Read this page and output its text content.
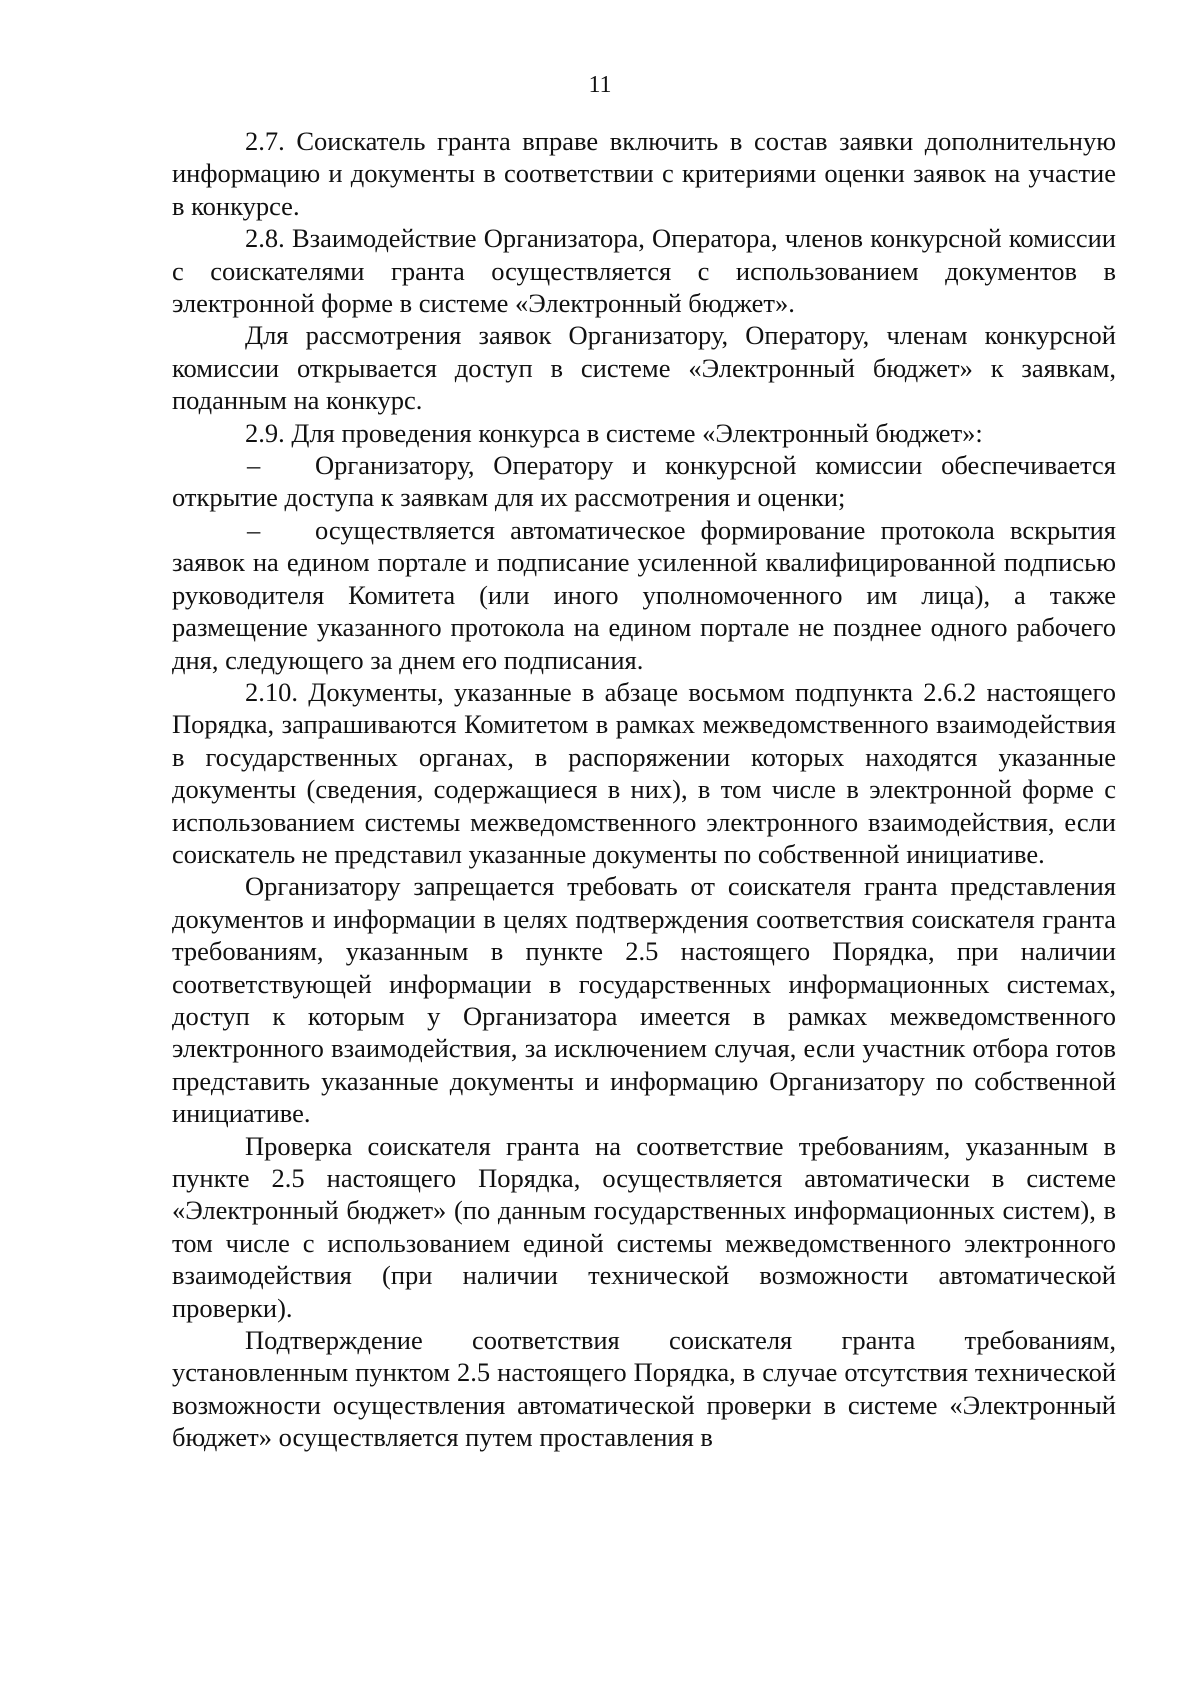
11

2.7. Соискатель гранта вправе включить в состав заявки дополнительную информацию и документы в соответствии с критериями оценки заявок на участие в конкурсе.

2.8. Взаимодействие Организатора, Оператора, членов конкурсной комиссии с соискателями гранта осуществляется с использованием документов в электронной форме в системе «Электронный бюджет».

Для рассмотрения заявок Организатору, Оператору, членам конкурсной комиссии открывается доступ в системе «Электронный бюджет» к заявкам, поданным на конкурс.

2.9. Для проведения конкурса в системе «Электронный бюджет»:

– Организатору, Оператору и конкурсной комиссии обеспечивается открытие доступа к заявкам для их рассмотрения и оценки;

– осуществляется автоматическое формирование протокола вскрытия заявок на едином портале и подписание усиленной квалифицированной подписью руководителя Комитета (или иного уполномоченного им лица), а также размещение указанного протокола на едином портале не позднее одного рабочего дня, следующего за днем его подписания.

2.10. Документы, указанные в абзаце восьмом подпункта 2.6.2 настоящего Порядка, запрашиваются Комитетом в рамках межведомственного взаимодействия в государственных органах, в распоряжении которых находятся указанные документы (сведения, содержащиеся в них), в том числе в электронной форме с использованием системы межведомственного электронного взаимодействия, если соискатель не представил указанные документы по собственной инициативе.

Организатору запрещается требовать от соискателя гранта представления документов и информации в целях подтверждения соответствия соискателя гранта требованиям, указанным в пункте 2.5 настоящего Порядка, при наличии соответствующей информации в государственных информационных системах, доступ к которым у Организатора имеется в рамках межведомственного электронного взаимодействия, за исключением случая, если участник отбора готов представить указанные документы и информацию Организатору по собственной инициативе.

Проверка соискателя гранта на соответствие требованиям, указанным в пункте 2.5 настоящего Порядка, осуществляется автоматически в системе «Электронный бюджет» (по данным государственных информационных систем), в том числе с использованием единой системы межведомственного электронного взаимодействия (при наличии технической возможности автоматической проверки).

Подтверждение соответствия соискателя гранта требованиям, установленным пунктом 2.5 настоящего Порядка, в случае отсутствия технической возможности осуществления автоматической проверки в системе «Электронный бюджет» осуществляется путем проставления в
